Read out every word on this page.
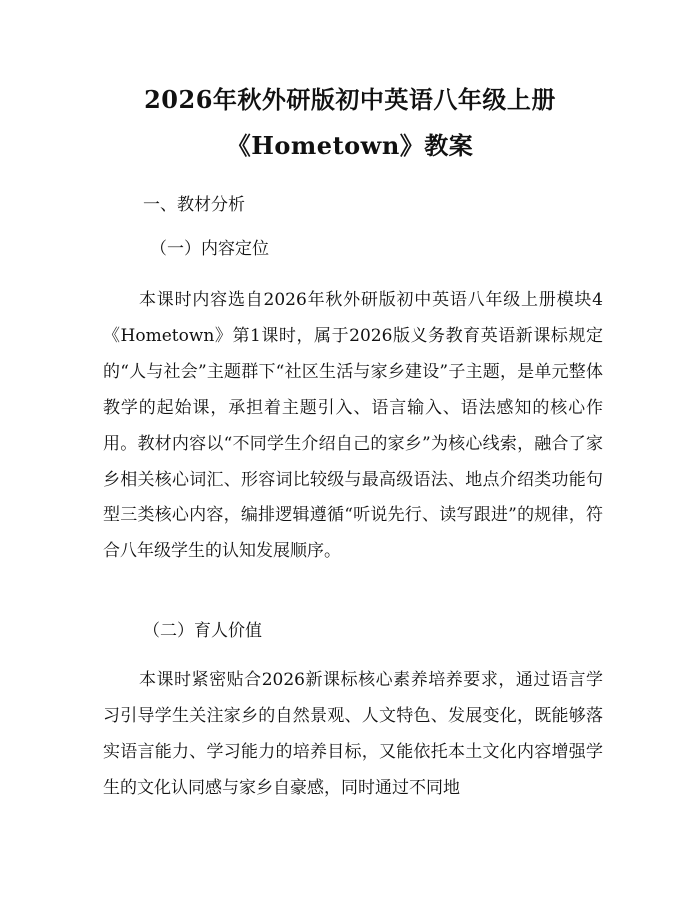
2026年秋外研版初中英语八年级上册
《Hometown》教案
一、教材分析
（一）内容定位

本课时内容选自2026年秋外研版初中英语八年级上册模块4《Hometown》第1课时，属于2026版义务教育英语新课标规定的“人与社会”主题群下“社区生活与家乡建设”子主题，是单元整体教学的起始课，承担着主题引入、语言输入、语法感知的核心作用。教材内容以“不同学生介绍自己的家乡”为核心线索，融合了家乡相关核心词汇、形容词比较级与最高级语法、地点介绍类功能句型三类核心内容，编排逻辑遵循“听说先行、读写跟进”的规律，符合八年级学生的认知发展顺序。

（二）育人价值

本课时紧密贴合2026新课标核心素养培养要求，通过语言学习引导学生关注家乡的自然景观、人文特色、发展变化，既能够落实语言能力、学习能力的培养目标，又能依托本土文化内容增强学生的文化认同感与家乡自豪感，同时通过不同地
